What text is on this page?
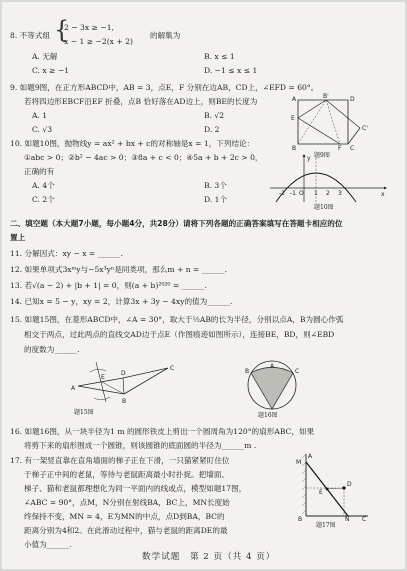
8. 不等式组 {
2 − 3x ≥ −1,
x − 1 ≥ −2(x + 2)
的解集为
A. 无解	B. x ≤ 1
C. x ≥ −1	D. −1 ≤ x ≤ 1
9. 如题9图，在正方形ABCD中，AB = 3，点E，F 分别在边AB，CD上，∠EFD = 60°。
若将四边形EBCF沿EF 折叠，点B 恰好落在AD边上，则BE的长度为
A. 1	B. √2
C. √3	D. 2
A	B'	D
E
C'
B	F C
题9图
10. 如题10图，抛物线y = ax² + bx + c的对称轴是x = 1，下列结论：
①abc > 0；②b² − 4ac > 0；③8a + c < 0；④5a + b + 2c > 0，
正确的有
A. 4个	B. 3个
C. 2个	D. 1个
y
x
O
-2 -1	1 2 3
题10图
二、填空题（本大题7小题，每小题4分，共28分）请将下列各题的正确答案填写在答题卡相应的位
置上
11. 分解因式：xy − x = ______.
12. 如果单项式3xᵐy与−5x³yⁿ是同类项，那么m + n = ______.
13. 若√(a − 2) + |b + 1| = 0，则(a + b)²⁰²⁰ = ______.
14. 已知x = 5 − y，xy = 2，计算3x + 3y − 4xy的值为______.
15. 如题15图，在菱形ABCD中，∠A = 30°，取大于½AB的长为半径，分别以点A，B为圆心作弧
相交于两点，过此两点的直线交AD边于点E（作图痕迹如图所示），连接BE，BD，则∠EBD
的度数为______.
A
E
D
C
B
题15图
A
B	C
题16图
16. 如题16图，从一块半径为1 m 的圆形铁皮上剪出一个圆周角为120°的扇形ABC，如果
将剪下来的扇形围成一个圆锥，则该圆锥的底面圆的半径为______m .
17. 有一架竖直靠在直角墙面的梯子正在下滑，一只猫紧紧盯住位
于梯子正中间的老鼠，等待与老鼠距离最小时扑捉。把墙面、
梯子、猫和老鼠都理想化为同一平面内的线或点，模型如题17图，
∠ABC = 90°，点M，N分别在射线BA，BC上，MN长度始
终保持不变，MN = 4，E为MN的中点，点D到BA，BC的
距离分别为4和2。在此滑动过程中，猫与老鼠的距离DE的最
小值为______.
A
M
E
D
B	N C
题17图
数学试题　第 2 页（共 4 页）
